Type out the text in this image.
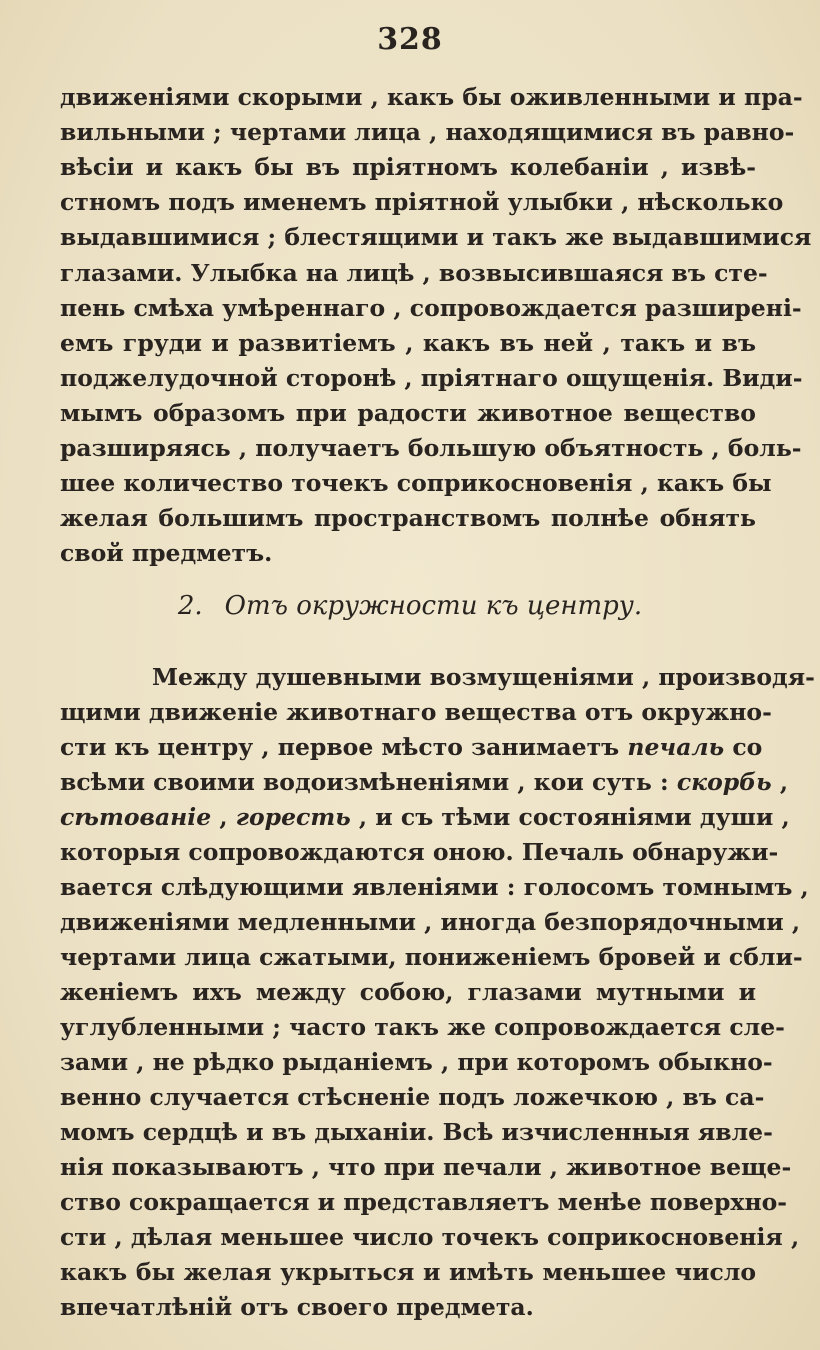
328
движенiями скорыми , какъ бы оживленными и пра-
вильными ; чертами лица , находящимися въ равно-
вѣсiи и какъ бы въ прiятномъ колебанiи , извѣ-
стномъ подъ именемъ прiятной улыбки , нѣсколько
выдавшимися ; блестящими и такъ же выдавшимися
глазами. Улыбка на лицѣ , возвысившаяся въ сте-
пень смѣха умѣреннаго , сопровождается разширенi-
емъ груди и развитiемъ , какъ въ ней , такъ и въ
поджелудочной сторонѣ , прiятнаго ощущенiя. Види-
мымъ образомъ при радости животное вещество
разширяясь , получаетъ большую объятность , боль-
шее количество точекъ соприкосновенiя , какъ бы
желая большимъ пространствомъ полнѣе обнять
свой предметъ.
2. Отъ окружности къ центру.
Между душевными возмущенiями , производя-
щими движенiе животнаго вещества отъ окружно-
сти къ центру , первое мѣсто занимаетъ печаль со
всѣми своими водоизмѣненiями , кои суть : скорбь ,
сѣтованiе , горесть , и съ тѣми состоянiями души ,
которыя сопровождаются оною. Печаль обнаружи-
вается слѣдующими явленiями : голосомъ томнымъ ,
движенiями медленными , иногда безпорядочными ,
чертами лица сжатыми, пониженiемъ бровей и сбли-
женiемъ ихъ между собою, глазами мутными и
углубленными ; часто такъ же сопровождается сле-
зами , не рѣдко рыданiемъ , при которомъ обыкно-
венно случается стѣсненiе подъ ложечкою , въ са-
момъ сердцѣ и въ дыханiи. Всѣ изчисленныя явле-
нiя показываютъ , что при печали , животное веще-
ство сокращается и представляетъ менѣе поверхно-
сти , дѣлая меньшее число точекъ соприкосновенiя ,
какъ бы желая укрыться и имѣть меньшее число
впечатлѣнiй отъ своего предмета.
